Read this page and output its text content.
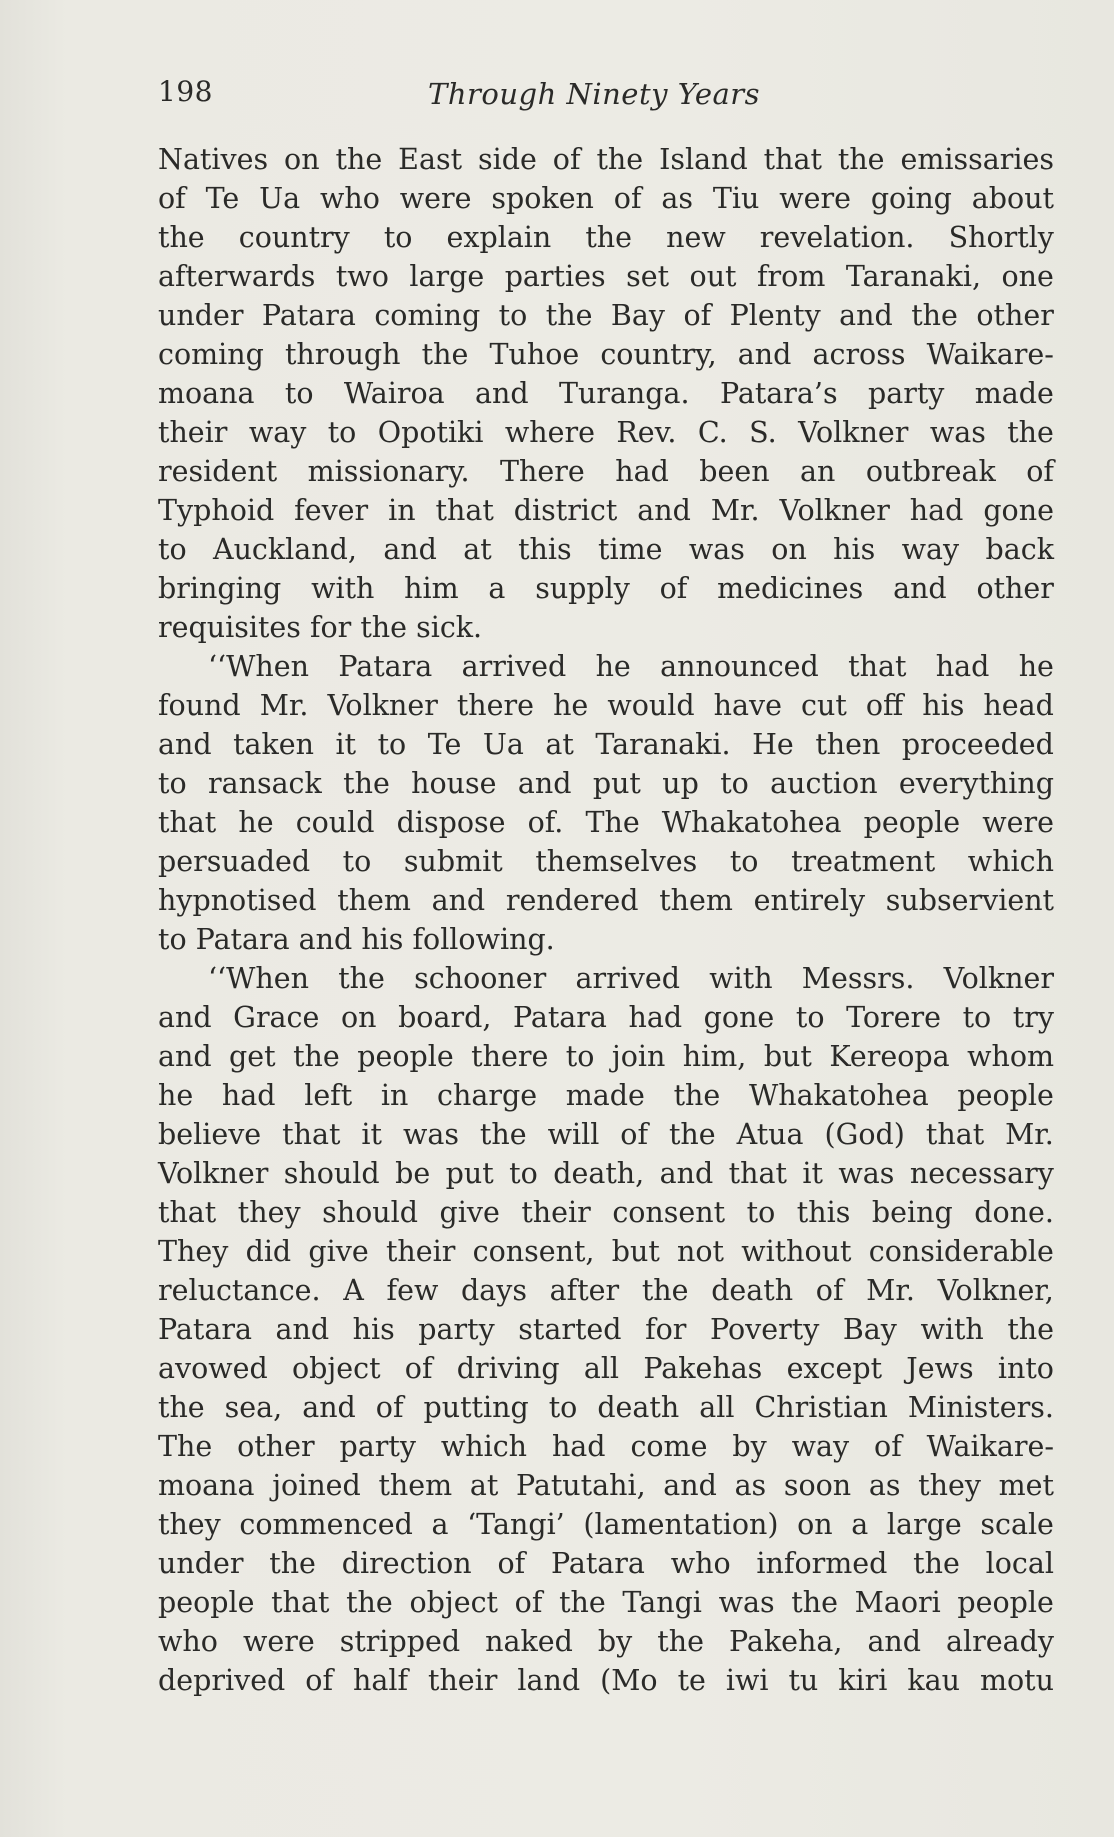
198	Through Ninety Years
Natives on the East side of the Island that the emissaries
of Te Ua who were spoken of as Tiu were going about
the country to explain the new revelation. Shortly
afterwards two large parties set out from Taranaki, one
under Patara coming to the Bay of Plenty and the other
coming through the Tuhoe country, and across Waikare-
moana to Wairoa and Turanga. Patara’s party made
their way to Opotiki where Rev. C. S. Volkner was the
resident missionary. There had been an outbreak of
Typhoid fever in that district and Mr. Volkner had gone
to Auckland, and at this time was on his way back
bringing with him a supply of medicines and other
requisites for the sick.
‘‘When Patara arrived he announced that had he
found Mr. Volkner there he would have cut off his head
and taken it to Te Ua at Taranaki. He then proceeded
to ransack the house and put up to auction everything
that he could dispose of. The Whakatohea people were
persuaded to submit themselves to treatment which
hypnotised them and rendered them entirely subservient
to Patara and his following.
‘‘When the schooner arrived with Messrs. Volkner
and Grace on board, Patara had gone to Torere to try
and get the people there to join him, but Kereopa whom
he had left in charge made the Whakatohea people
believe that it was the will of the Atua (God) that Mr.
Volkner should be put to death, and that it was necessary
that they should give their consent to this being done.
They did give their consent, but not without considerable
reluctance. A few days after the death of Mr. Volkner,
Patara and his party started for Poverty Bay with the
avowed object of driving all Pakehas except Jews into
the sea, and of putting to death all Christian Ministers.
The other party which had come by way of Waikare-
moana joined them at Patutahi, and as soon as they met
they commenced a ‘Tangi’ (lamentation) on a large scale
under the direction of Patara who informed the local
people that the object of the Tangi was the Maori people
who were stripped naked by the Pakeha, and already
deprived of half their land (Mo te iwi tu kiri kau motu
